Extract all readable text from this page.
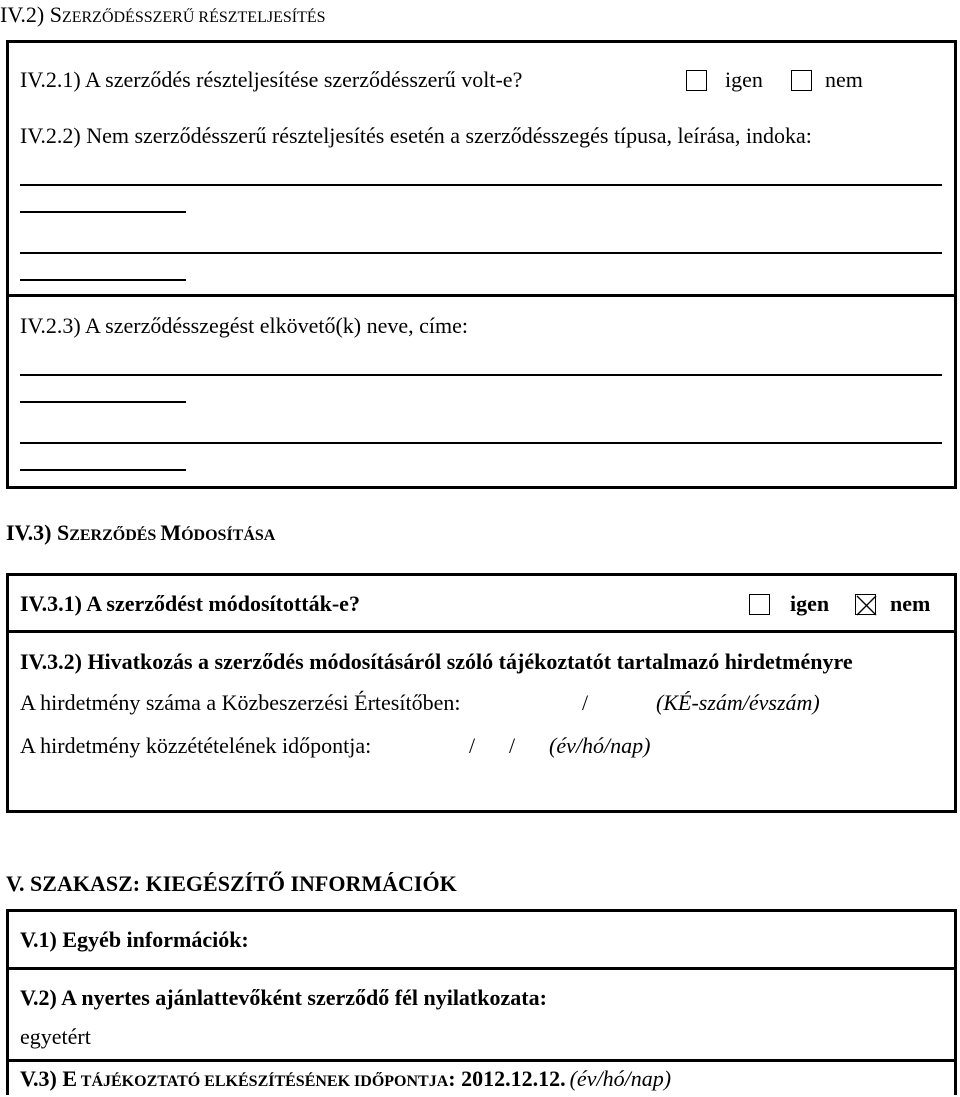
IV.2) SZERZŐDÉSSZERŰ RÉSZTELJESÍTÉS
IV.2.1) A szerződés részteljesítése szerződésszerű volt-e?	igen	nem
IV.2.2) Nem szerződésszerű részteljesítés esetén a szerződésszegés típusa, leírása, indoka:
IV.2.3) A szerződésszegést elkövető(k) neve, címe:
IV.3) SZERZŐDÉS MÓDOSÍTÁSA
IV.3.1) A szerződést módosították-e?	igen	nem
IV.3.2) Hivatkozás a szerződés módosításáról szóló tájékoztatót tartalmazó hirdetményre
A hirdetmény száma a Közbeszerzési Értesítőben:	/	(KÉ-szám/évszám)
A hirdetmény közzétételének időpontja:	/ / (év/hó/nap)
V. SZAKASZ: KIEGÉSZÍTŐ INFORMÁCIÓK
V.1) Egyéb információk:
V.2) A nyertes ajánlattevőként szerződő fél nyilatkozata:
egyetért
V.3) E TÁJÉKOZTATÓ ELKÉSZÍTÉSÉNEK IDŐPONTJA: 2012.12.12. (év/hó/nap)
